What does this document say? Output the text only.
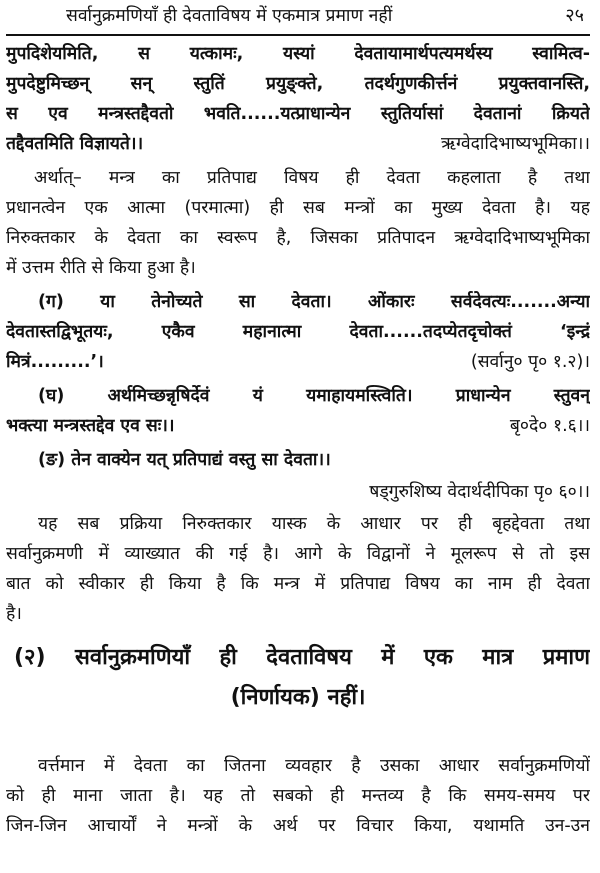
सर्वानुक्रमणियाँ ही देवताविषय में एकमात्र प्रमाण नहीं	२५
मुपदिशेयमिति, स यत्कामः, यस्यां देवतायामार्थपत्यमर्थस्य स्वामित्व-
मुपदेष्टुमिच्छन् सन् स्तुतिं प्रयुङ्क्ते, तदर्थगुणकीर्त्तनं प्रयुक्तवानस्ति,
स एव मन्त्रस्तद्दैवतो भवति......यत्प्राधान्येन स्तुतिर्यासां देवतानां क्रियते
तद्दैवतमिति विज्ञायते।।	ऋग्वेदादिभाष्यभूमिका।।
अर्थात्– मन्त्र का प्रतिपाद्य विषय ही देवता कहलाता है तथा
प्रधानत्वेन एक आत्मा (परमात्मा) ही सब मन्त्रों का मुख्य देवता है। यह
निरुक्तकार के देवता का स्वरूप है, जिसका प्रतिपादन ऋग्वेदादिभाष्यभूमिका
में उत्तम रीति से किया हुआ है।
(ग) या तेनोच्यते सा देवता। ओंकारः सर्वदेवत्यः.......अन्या
देवतास्तद्विभूतयः, एकैव महानात्मा देवता......तदप्येतदृचोक्तं ‘इन्द्रं
मित्रं.........’।	(सर्वानु० पृ० १.२)।
(घ) अर्थमिच्छन्नृषिर्देवं यं यमाहायमस्त्विति। प्राधान्येन स्तुवन्
भक्त्या मन्त्रस्तद्देव एव सः।।	बृ०दे० १.६।।
(ङ) तेन वाक्येन यत् प्रतिपाद्यं वस्तु सा देवता।।
षड्गुरुशिष्य वेदार्थदीपिका पृ० ६०।।
यह सब प्रक्रिया निरुक्तकार यास्क के आधार पर ही बृहद्देवता तथा
सर्वानुक्रमणी में व्याख्यात की गई है। आगे के विद्वानों ने मूलरूप से तो इस
बात को स्वीकार ही किया है कि मन्त्र में प्रतिपाद्य विषय का नाम ही देवता
है।
(२) सर्वानुक्रमणियाँ ही देवताविषय में एक मात्र प्रमाण
(निर्णायक) नहीं।
वर्त्तमान में देवता का जितना व्यवहार है उसका आधार सर्वानुक्रमणियों
को ही माना जाता है। यह तो सबको ही मन्तव्य है कि समय-समय पर
जिन-जिन आचार्यों ने मन्त्रों के अर्थ पर विचार किया, यथामति उन-उन
